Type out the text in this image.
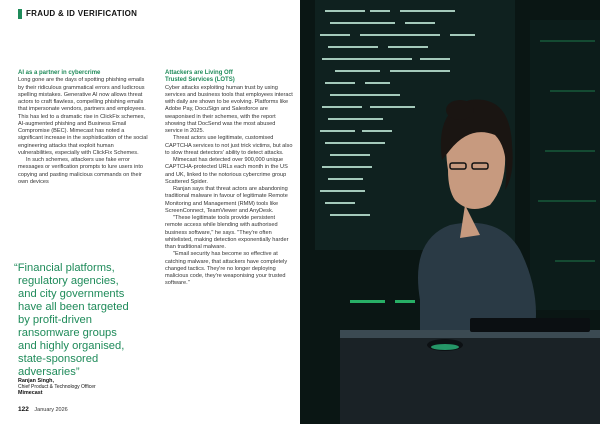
FRAUD & ID VERIFICATION
AI as a partner in cybercrime

Long gone are the days of spotting phishing emails by their ridiculous grammatical errors and ludicrous spelling mistakes. Generative AI now allows threat actors to craft flawless, compelling phishing emails that impersonate vendors, partners and employees. This has led to a dramatic rise in ClickFix schemes, AI-augmented phishing and Business Email Compromise (BEC). Mimecast has noted a significant increase in the sophistication of the social engineering attacks that exploit human vulnerabilities, especially with ClickFix Schemes.

In such schemes, attackers use fake error messages or verification prompts to lure users into copying and pasting malicious commands on their own devices

Attackers are Living Off
Trusted Services (LOTS)

Cyber attacks exploiting human trust by using services and business tools that employees interact with daily are shown to be evolving. Platforms like Adobe Pay, DocuSign and Salesforce are weaponised in their schemes, with the report showing that DocSend was the most abused service in 2025.

Threat actors use legitimate, customised CAPTCHA services to not just trick victims, but also to slow threat detectors' ability to detect attacks.

Mimecast has detected over 900,000 unique CAPTCHA-protected URLs each month in the US and UK, linked to the notorious cybercrime group Scattered Spider.

Ranjan says that threat actors are abandoning traditional malware in favour of legitimate Remote Monitoring and Management (RMM) tools like ScreenConnect, TeamViewer and AnyDesk.

"These legitimate tools provide persistent remote access while blending with authorised business software," he says. "They're often whitelisted, making detection exponentially harder than traditional malware.

"Email security has become so effective at catching malware, that attackers have completely changed tactics. They're no longer deploying malicious code, they're weaponising your trusted software."

“Financial platforms,
regulatory agencies,
and city governments
have all been targeted
by profit-driven
ransomware groups
and highly organised,
state-sponsored
adversaries”
Ranjan Singh,
Chief Product & Technology Officer
Mimecast
122 January 2026
